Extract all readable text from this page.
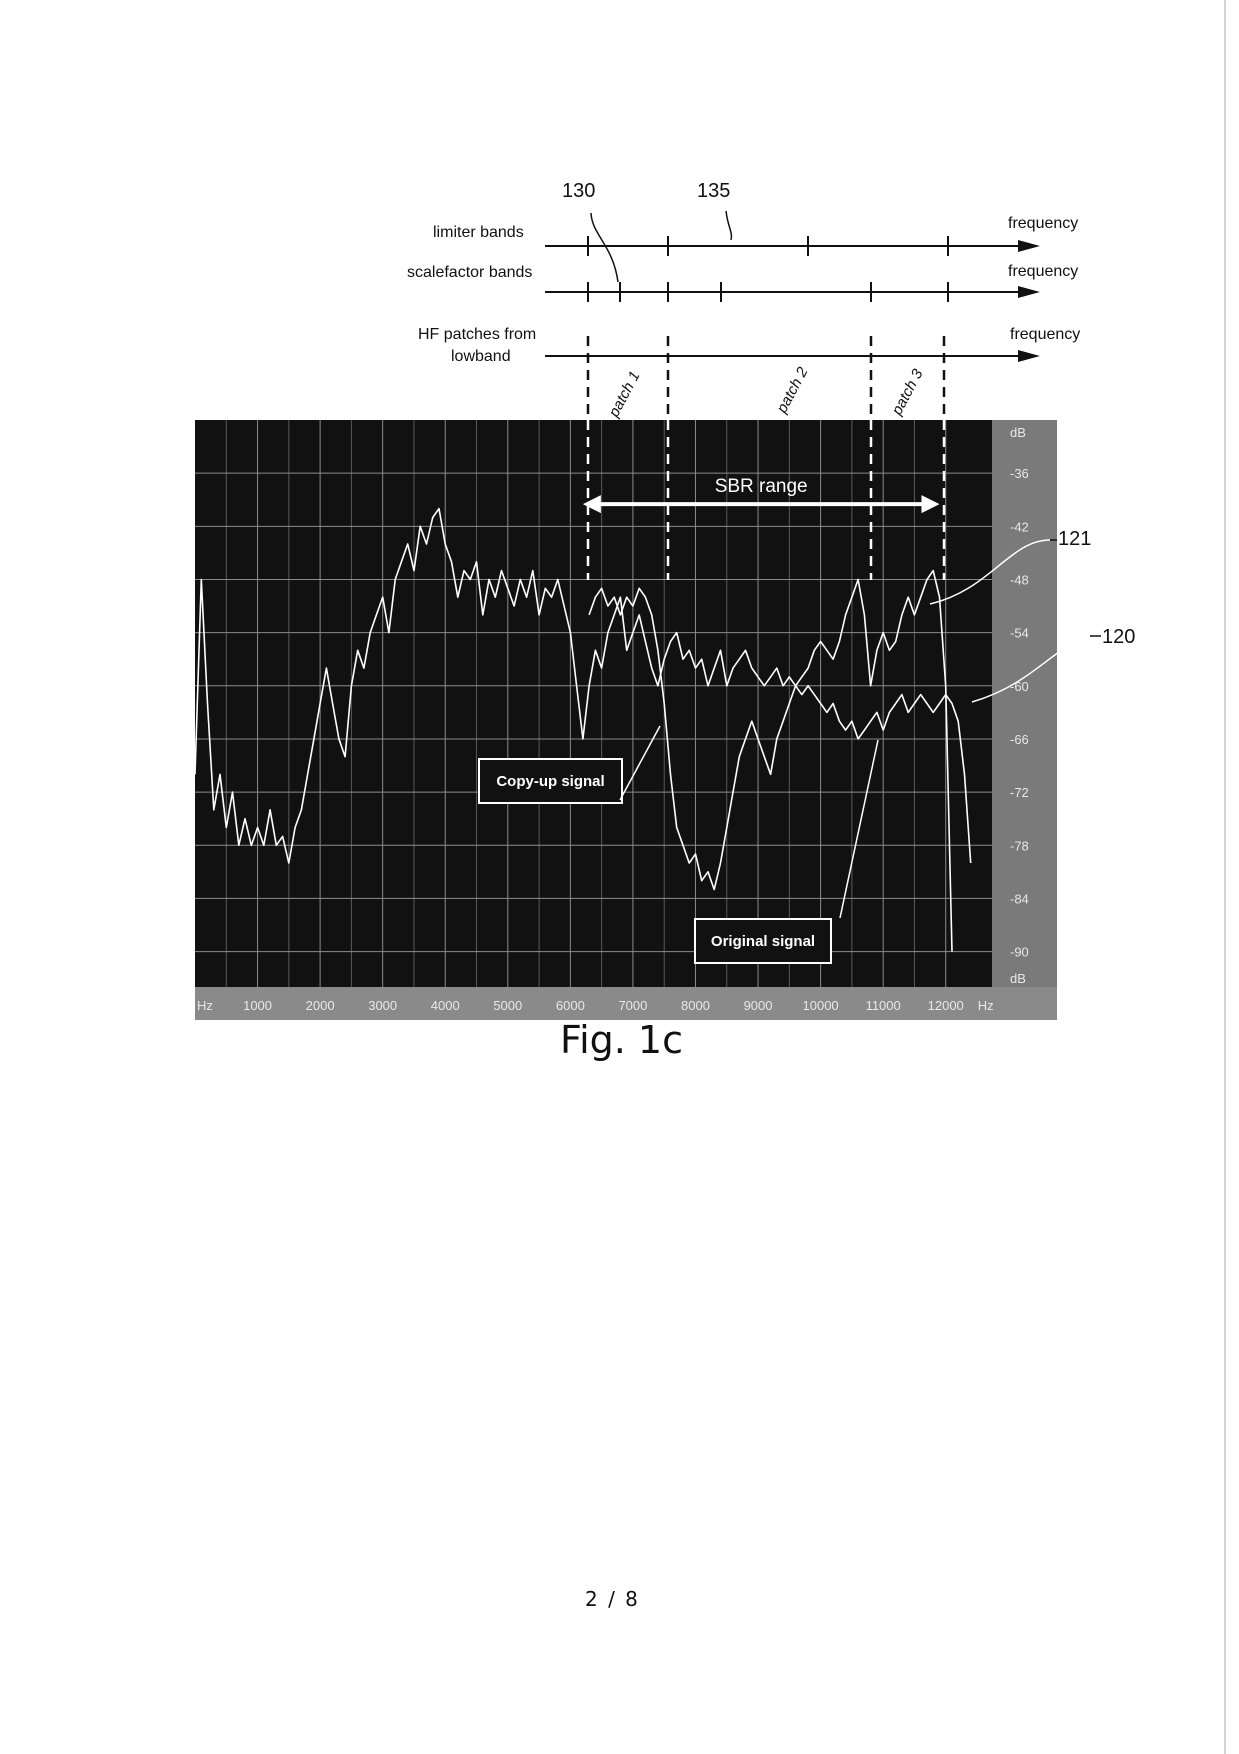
patch 1	patch 2	patch 3
130	135
limiter bands
scalefactor bands
HF patches from
lowband
frequency
frequency
frequency
SBR range
Hz 1000	2000	3000	4000	5000	6000	7000	8000	9000 10000 11000 12000 Hz
dB
-36
-42
-48
-54
-60
-66
-72
-78
-84
-90
dB
Copy-up signal
Original signal
121
120
Fig. 1c
2 / 8
